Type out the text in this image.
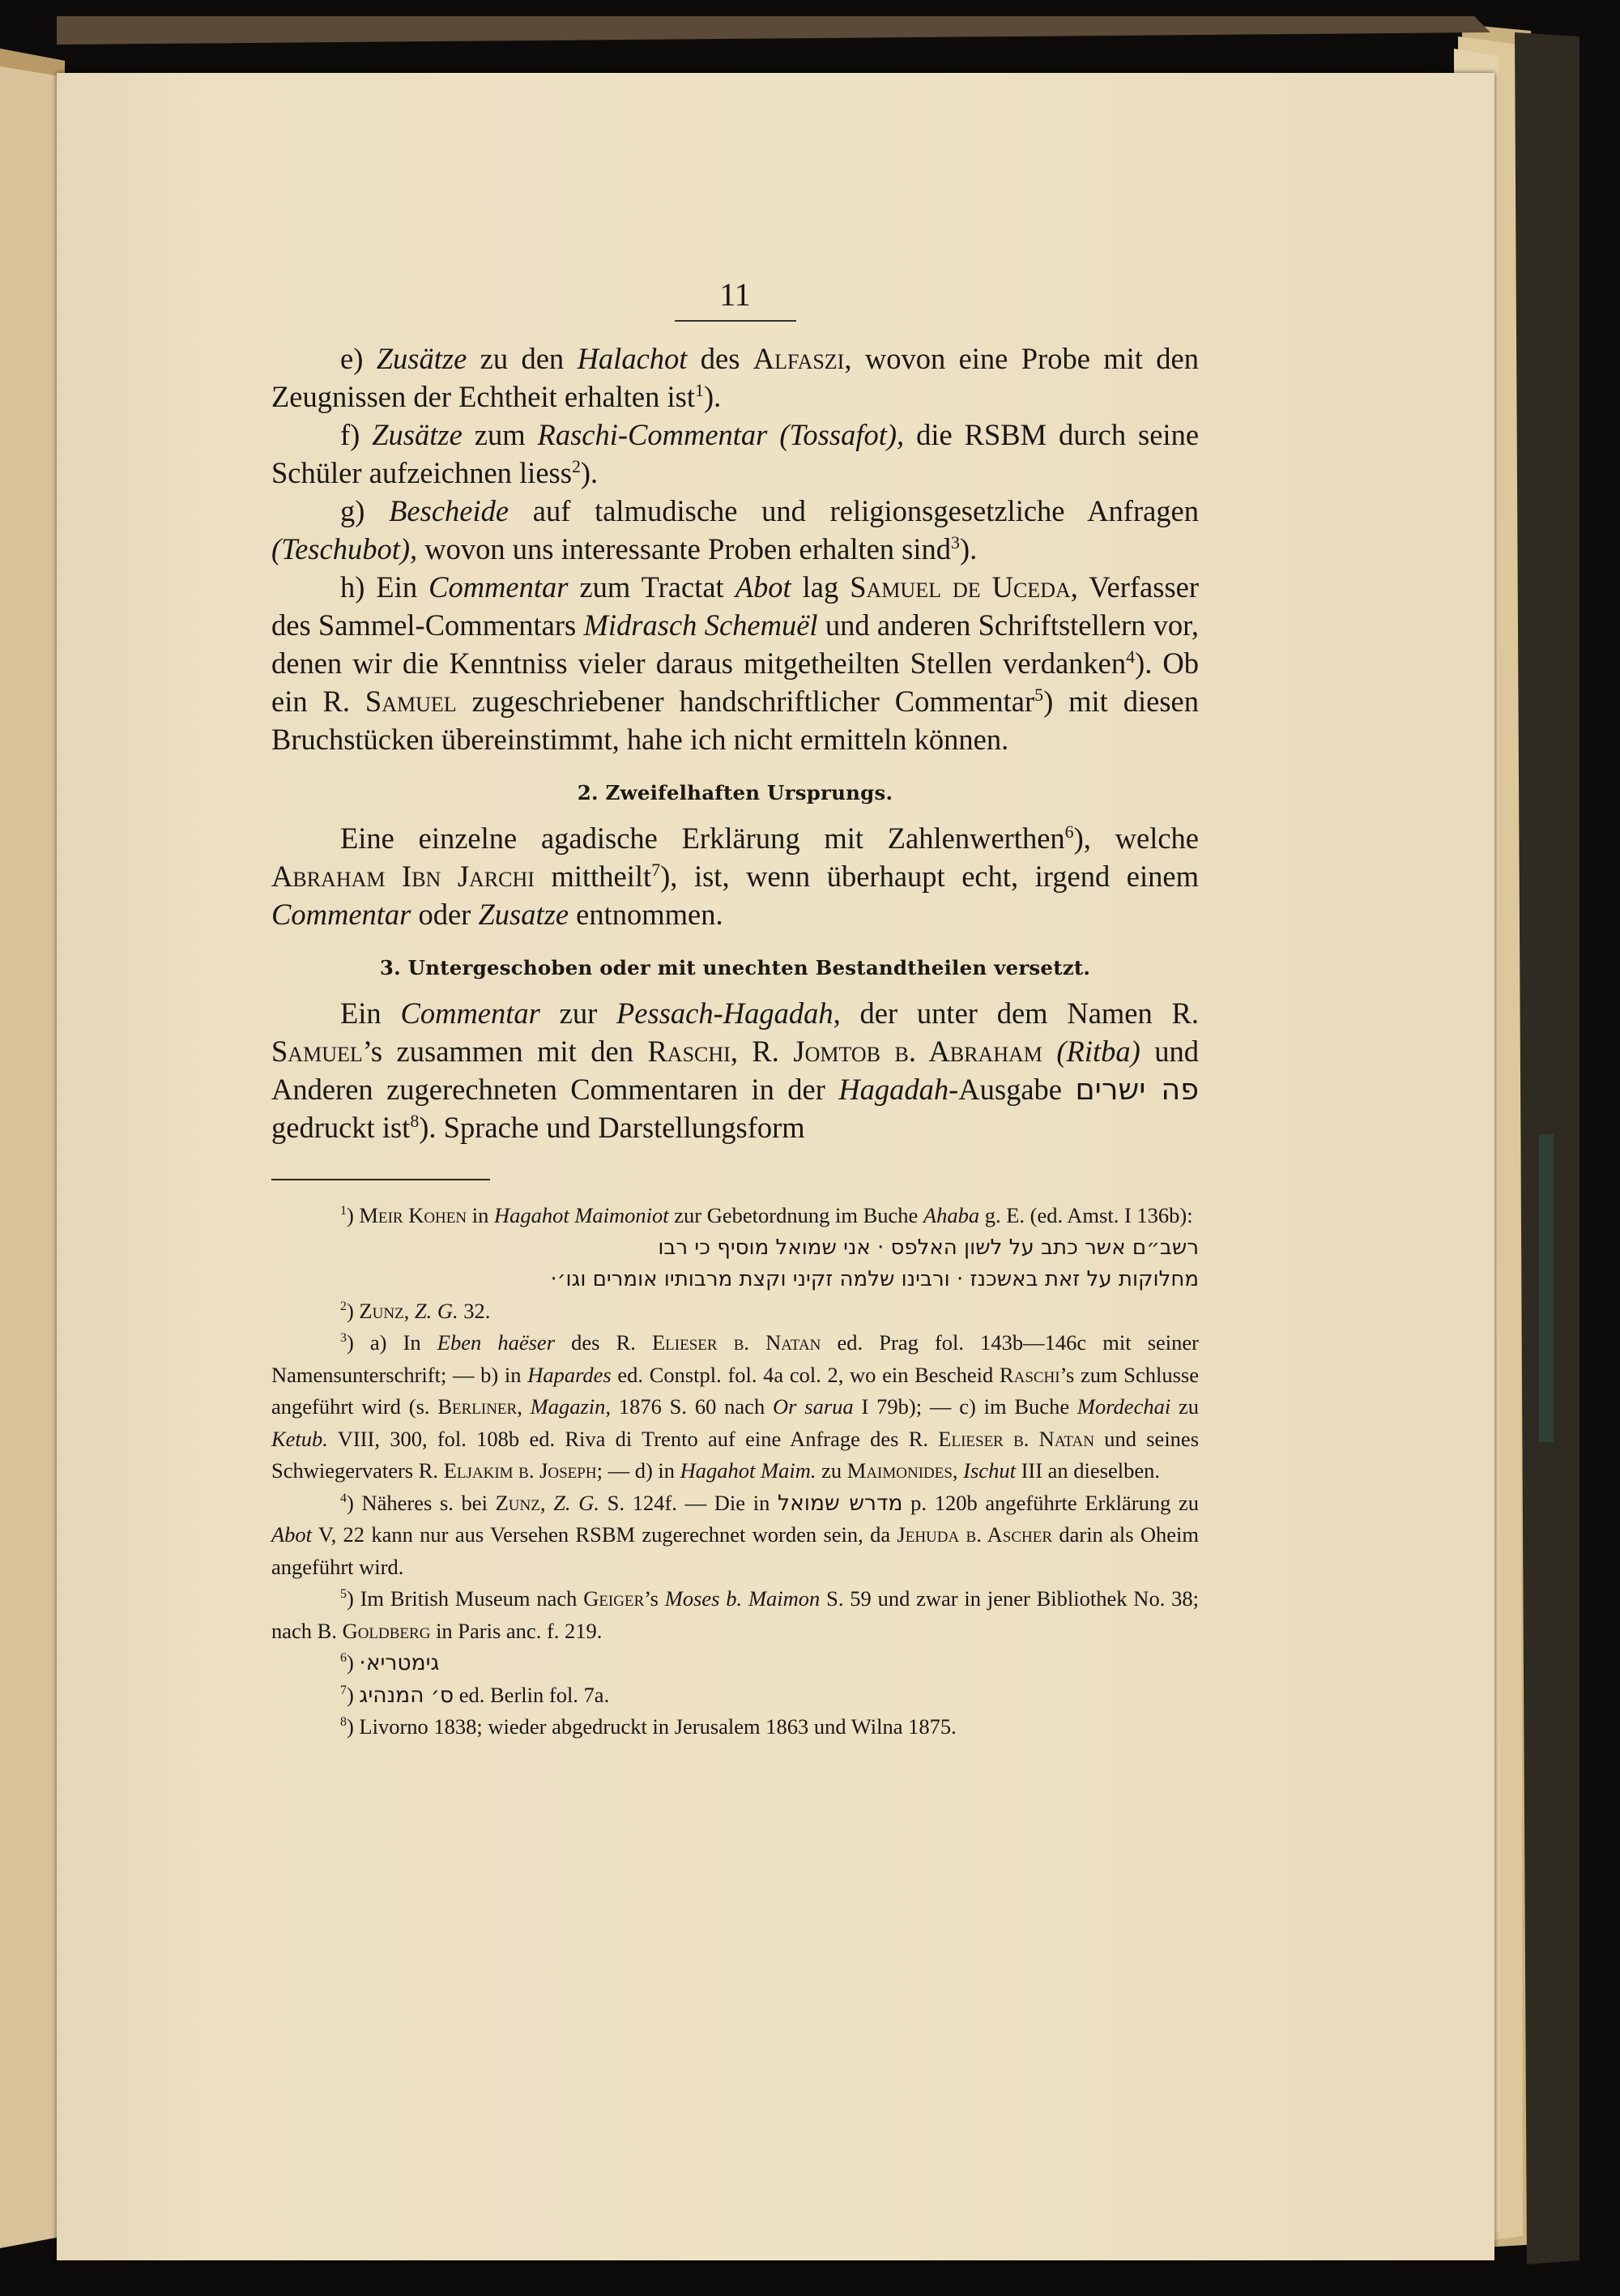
11

e) Zusätze zu den Halachot des Alfaszi, wovon eine Probe mit den Zeugnissen der Echtheit erhalten ist$^1$).

f) Zusätze zum Raschi-Commentar (Tossafot), die RSBM durch seine Schüler aufzeichnen liess$^2$).

g) Bescheide auf talmudische und religionsgesetzliche Anfragen (Teschubot), wovon uns interessante Proben erhalten sind$^3$).

h) Ein Commentar zum Tractat Abot lag Samuel de Uceda, Verfasser des Sammel-Commentars Midrasch Schemuël und anderen Schriftstellern vor, denen wir die Kenntniss vieler daraus mitgetheilten Stellen verdanken$^4$). Ob ein R. Samuel zugeschriebener handschriftlicher Commentar$^5$) mit diesen Bruchstücken übereinstimmt, hahe ich nicht ermitteln können.

2. Zweifelhaften Ursprungs.

Eine einzelne agadische Erklärung mit Zahlenwerthen$^6$), welche Abraham Ibn Jarchi mittheilt$^7$), ist, wenn überhaupt echt, irgend einem Commentar oder Zusatze entnommen.

3. Untergeschoben oder mit unechten Bestandtheilen versetzt.

Ein Commentar zur Pessach-Hagadah, der unter dem Namen R. Samuel’s zusammen mit den Raschi, R. Jomtob b. Abraham (Ritba) und Anderen zugerechneten Commentaren in der Hagadah-Ausgabe פה ישרים gedruckt ist$^8$). Sprache und Darstellungsform

$^1$) Meir Kohen in Hagahot Maimoniot zur Gebetordnung im Buche Ahaba g. E. (ed. Amst. I 136b):

רשב״ם אשר כתב על לשון האלפס · אני שמואל מוסיף כי רבו
מחלוקות על זאת באשכנז · ורבינו שלמה זקיני וקצת מרבותיו אומרים וגו׳·

$^2$) Zunz, Z. G. 32.

$^3$) a) In Eben haëser des R. Elieser b. Natan ed. Prag fol. 143b—146c mit seiner Namensunterschrift; — b) in Hapardes ed. Constpl. fol. 4a col. 2, wo ein Bescheid Raschi’s zum Schlusse angeführt wird (s. Berliner, Magazin, 1876 S. 60 nach Or sarua I 79b); — c) im Buche Mordechai zu Ketub. VIII, 300, fol. 108b ed. Riva di Trento auf eine Anfrage des R. Elieser b. Natan und seines Schwiegervaters R. Eljakim b. Joseph; — d) in Hagahot Maim. zu Maimonides, Ischut III an dieselben.

$^4$) Näheres s. bei Zunz, Z. G. S. 124f. — Die in מדרש שמואל p. 120b angeführte Erklärung zu Abot V, 22 kann nur aus Versehen RSBM zugerechnet worden sein, da Jehuda b. Ascher darin als Oheim angeführt wird.

$^5$) Im British Museum nach Geiger’s Moses b. Maimon S. 59 und zwar in jener Bibliothek No. 38; nach B. Goldberg in Paris anc. f. 219.

$^6$) גימטריא·

$^7$) ס׳ המנהיג ed. Berlin fol. 7a.

$^8$) Livorno 1838; wieder abgedruckt in Jerusalem 1863 und Wilna 1875.
